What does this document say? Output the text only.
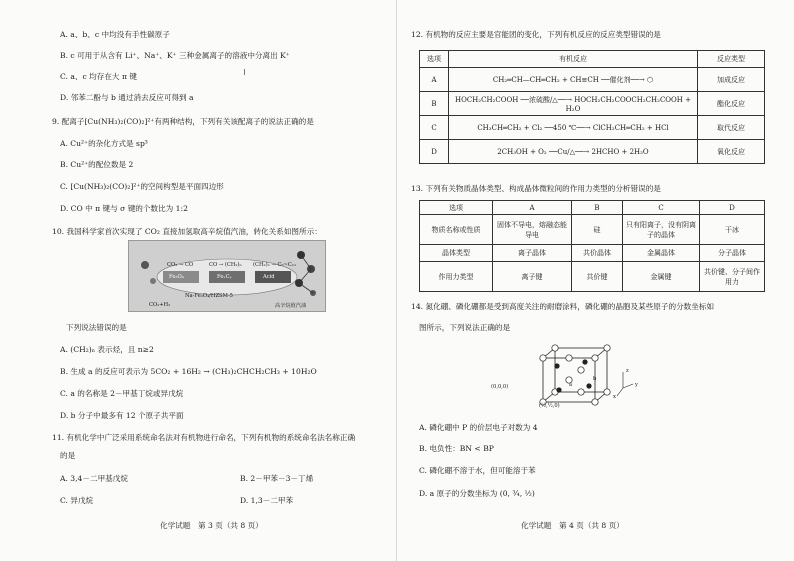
A. a、b、c 中均没有手性碳原子
B. c 可用于从含有 Li⁺、Na⁺、K⁺ 三种金属离子的溶液中分离出 K⁺
C. a、c 均存在大 π 键
D. 邻苯二酚与 b 通过消去反应可得到 a
9. 配离子[Cu(NH₃)₂(CO)₂]²⁺有两种结构，下列有关该配离子的说法正确的是
A. Cu²⁺的杂化方式是 sp³
B. Cu²⁺的配位数是 2
C. [Cu(NH₃)₂(CO)₂]²⁺的空间构型是平面四边形
D. CO 中 π 键与 σ 键的个数比为 1:2
10. 我国科学家首次实现了 CO₂ 直接加氢取高辛烷值汽油，转化关系如图所示：
CO₂ → CO	CO → (CH₂)ₙ (CH₂)ₙ → C₅~C₁₁
Fe₃O₄	FeₓCᵧ	Acid
Na-Fe₃O₄/HZSM-5
CO₂+H₂	高辛烷值汽油
下列说法错误的是
A. (CH₂)ₙ 表示烃，且 n≥2
B. 生成 a 的反应可表示为 5CO₂ + 16H₂ → (CH₃)₂CHCH₂CH₃ + 10H₂O
C. a 的名称是 2－甲基丁烷或异戊烷
D. b 分子中最多有 12 个原子共平面
11. 有机化学中广泛采用系统命名法对有机物进行命名，下列有机物的系统命名法名称正确
的是
A. 3,4－二甲基戊烷	B. 2－甲苯－3－丁烯
C. 异戊烷	D. 1,3－二甲苯
化学试题　第 3 页（共 8 页）
12. 有机物的反应主要是官能团的变化，下列有机反应的反应类型错误的是
选项	有机反应	反应类型
A	CH₂═CH—CH═CH₂ + CH≡CH ──催化剂──→ ⬡	加成反应
B	HOCH₂CH₂COOH ──浓硫酸/△──→ HOCH₂CH₂COOCH₂CH₂COOH + H₂O	酯化反应
C	CH₃CH═CH₂ + Cl₂ ──450 ℃──→ ClCH₂CH═CH₂ + HCl	取代反应
D	2CH₃OH + O₂ ──Cu/△──→ 2HCHO + 2H₂O	氧化反应
13. 下列有关物质晶体类型、构成晶体微粒间的作用力类型的分析错误的是
选项	A	B	C	D
物质名称或性质	固体不导电，熔融态能导电	硅	只有阳离子，没有阴离子的晶体	干冰
晶体类型	离子晶体	共价晶体	金属晶体	分子晶体
作用力类型	离子键	共价键	金属键	共价键、分子间作用力
14. 氮化硼、磷化硼都是受到高度关注的耐磨涂料，磷化硼的晶胞及某些原子的分数坐标如
图所示，下列说法正确的是
(0,0,0)
(½,½,0)
a
b
z
y
x
A. 磷化硼中 P 的价层电子对数为 4
B. 电负性：BN < BP
C. 磷化硼不溶于水，但可能溶于苯
D. a 原子的分数坐标为 (0, ¾, ½)
化学试题　第 4 页（共 8 页）
